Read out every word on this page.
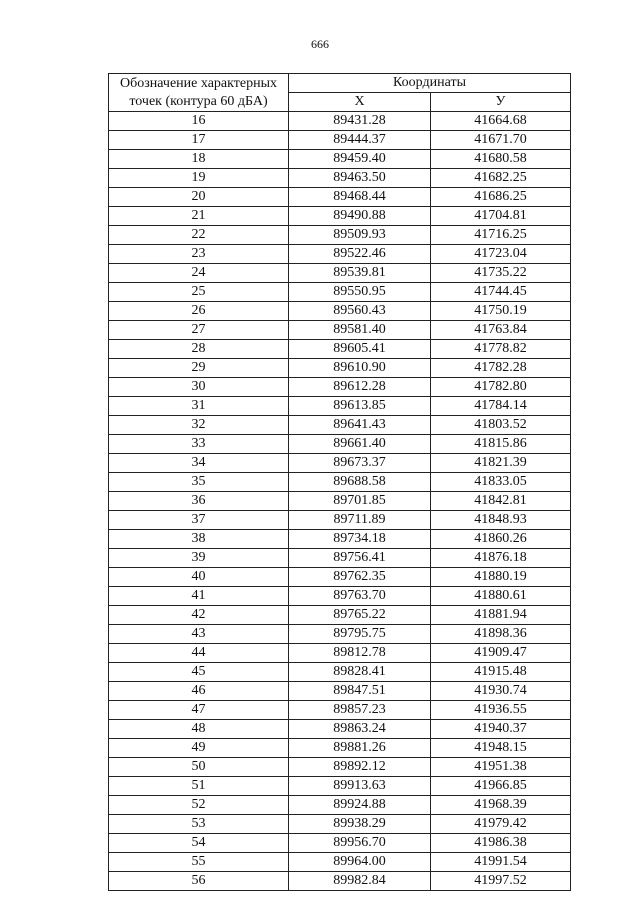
666
Обозначение характерных
точек (контура 60 дБА)	Координаты	
	X	У
16	89431.28	41664.68
17	89444.37	41671.70
18	89459.40	41680.58
19	89463.50	41682.25
20	89468.44	41686.25
21	89490.88	41704.81
22	89509.93	41716.25
23	89522.46	41723.04
24	89539.81	41735.22
25	89550.95	41744.45
26	89560.43	41750.19
27	89581.40	41763.84
28	89605.41	41778.82
29	89610.90	41782.28
30	89612.28	41782.80
31	89613.85	41784.14
32	89641.43	41803.52
33	89661.40	41815.86
34	89673.37	41821.39
35	89688.58	41833.05
36	89701.85	41842.81
37	89711.89	41848.93
38	89734.18	41860.26
39	89756.41	41876.18
40	89762.35	41880.19
41	89763.70	41880.61
42	89765.22	41881.94
43	89795.75	41898.36
44	89812.78	41909.47
45	89828.41	41915.48
46	89847.51	41930.74
47	89857.23	41936.55
48	89863.24	41940.37
49	89881.26	41948.15
50	89892.12	41951.38
51	89913.63	41966.85
52	89924.88	41968.39
53	89938.29	41979.42
54	89956.70	41986.38
55	89964.00	41991.54
56	89982.84	41997.52
